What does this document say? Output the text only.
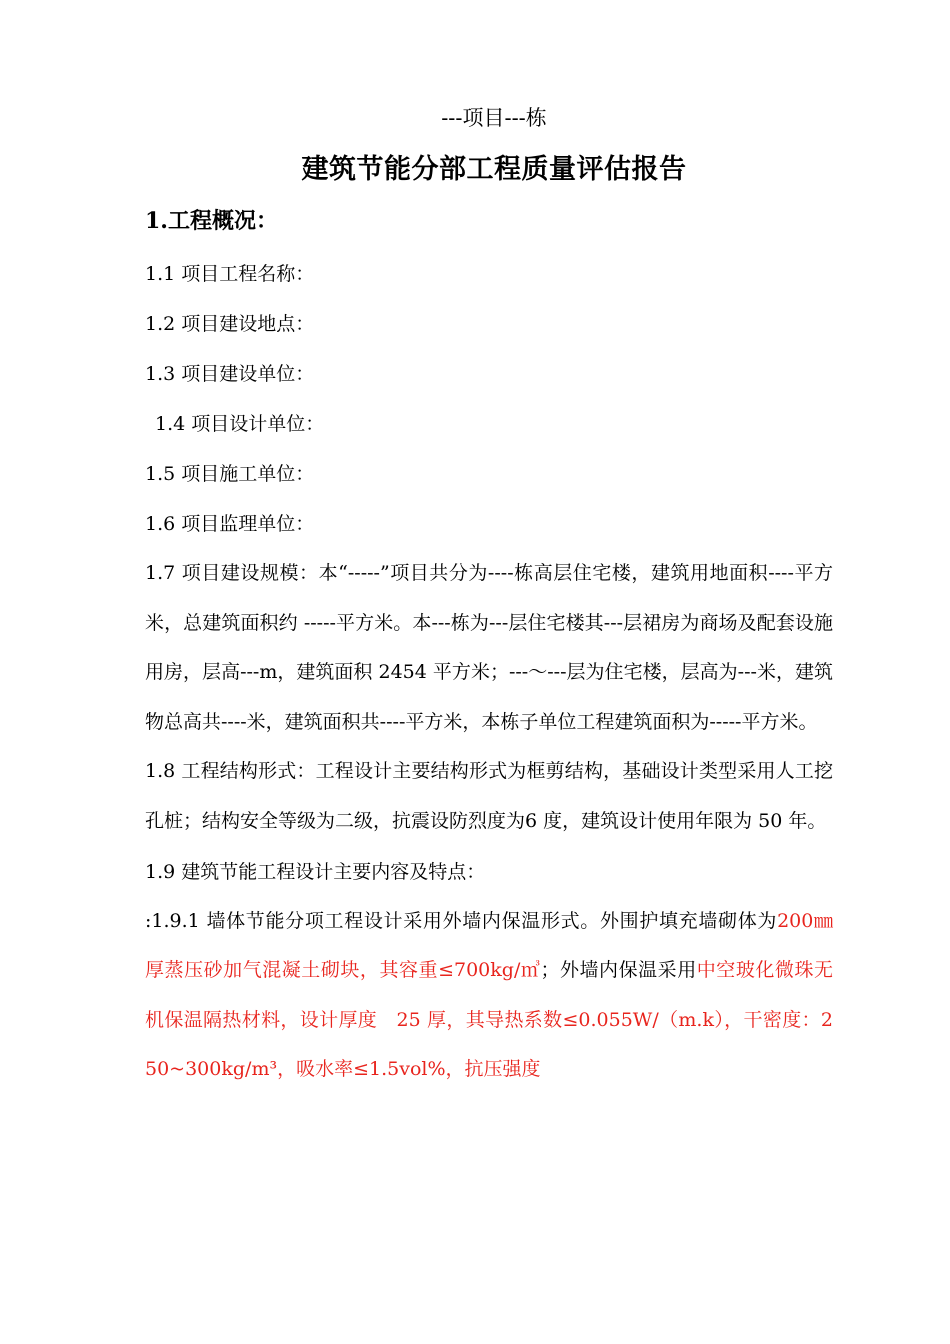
---项目---栋
建筑节能分部工程质量评估报告
1.工程概况：
1.1 项目工程名称：
1.2 项目建设地点：
1.3 项目建设单位：
1.4 项目设计单位：
1.5 项目施工单位：
1.6 项目监理单位：
1.7 项目建设规模：本“-----”项目共分为----栋高层住宅楼，建筑用地面积----平方米，总建筑面积约 -----平方米。本---栋为---层住宅楼其---层裙房为商场及配套设施用房，层高---m，建筑面积 2454 平方米；---～---层为住宅楼，层高为---米，建筑物总高共----米，建筑面积共----平方米，本栋子单位工程建筑面积为-----平方米。
1.8 工程结构形式：工程设计主要结构形式为框剪结构，基础设计类型采用人工挖孔桩；结构安全等级为二级，抗震设防烈度为6 度，建筑设计使用年限为 50 年。
1.9 建筑节能工程设计主要内容及特点：
:1.9.1 墙体节能分项工程设计采用外墙内保温形式。外围护填充墙砌体为200㎜ 厚蒸压砂加气混凝土砌块，其容重≤700kg/㎥；外墙内保温采用中空玻化微珠无机保温隔热材料，设计厚度　25 厚，其导热系数≤0.055W/（m.k），干密度：250~300kg/m³，吸水率≤1.5vol%，抗压强度
